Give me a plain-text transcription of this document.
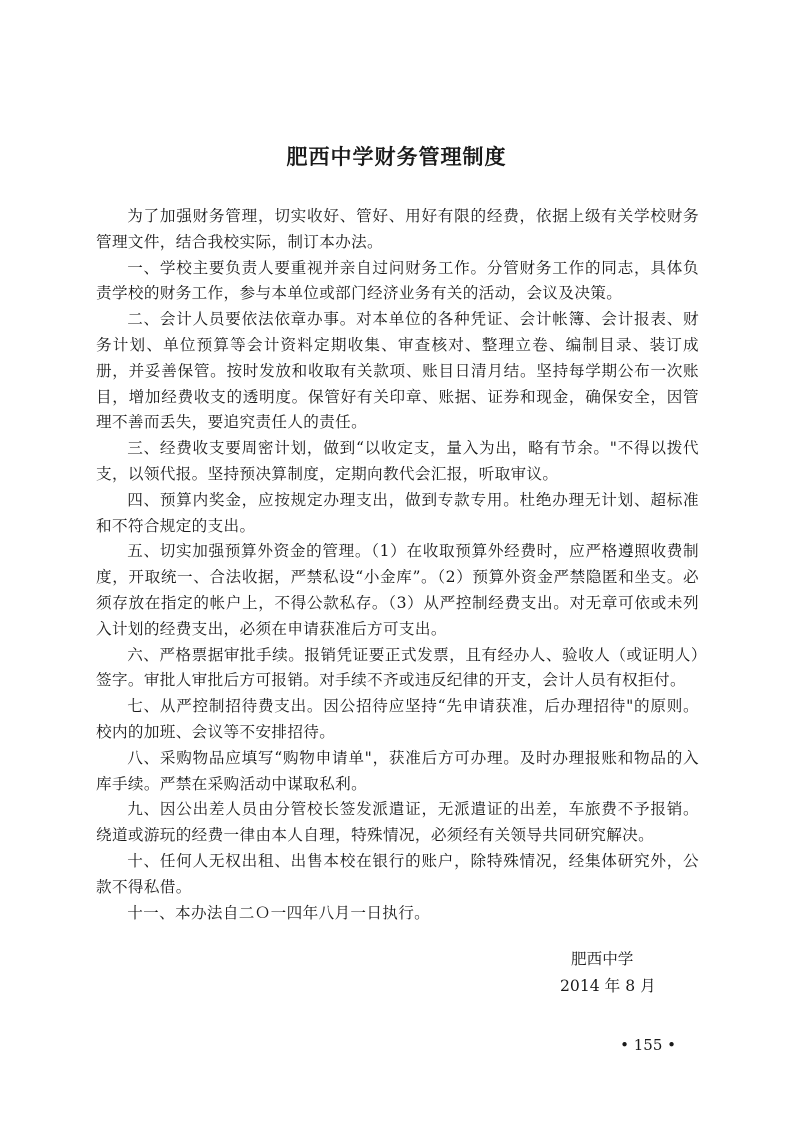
肥西中学财务管理制度

为了加强财务管理，切实收好、管好、用好有限的经费，依据上级有关学校财务管理文件，结合我校实际，制订本办法。

一、学校主要负责人要重视并亲自过问财务工作。分管财务工作的同志，具体负责学校的财务工作，参与本单位或部门经济业务有关的活动，会议及决策。

二、会计人员要依法依章办事。对本单位的各种凭证、会计帐簿、会计报表、财务计划、单位预算等会计资料定期收集、审查核对、整理立卷、编制目录、装订成册，并妥善保管。按时发放和收取有关款项、账目日清月结。坚持每学期公布一次账目，增加经费收支的透明度。保管好有关印章、账据、证券和现金，确保安全，因管理不善而丢失，要追究责任人的责任。

三、经费收支要周密计划，做到“以收定支，量入为出，略有节余。"不得以拨代支，以领代报。坚持预决算制度，定期向教代会汇报，听取审议。

四、预算内奖金，应按规定办理支出，做到专款专用。杜绝办理无计划、超标准和不符合规定的支出。

五、切实加强预算外资金的管理。（1）在收取预算外经费时，应严格遵照收费制度，开取统一、合法收据，严禁私设“小金库”。（2）预算外资金严禁隐匿和坐支。必须存放在指定的帐户上，不得公款私存。（3）从严控制经费支出。对无章可依或未列入计划的经费支出，必须在申请获准后方可支出。

六、严格票据审批手续。报销凭证要正式发票，且有经办人、验收人（或证明人）签字。审批人审批后方可报销。对手续不齐或违反纪律的开支，会计人员有权拒付。

七、从严控制招待费支出。因公招待应坚持“先申请获准，后办理招待"的原则。校内的加班、会议等不安排招待。

八、采购物品应填写“购物申请单"，获准后方可办理。及时办理报账和物品的入库手续。严禁在采购活动中谋取私利。

九、因公出差人员由分管校长签发派遣证，无派遣证的出差，车旅费不予报销。绕道或游玩的经费一律由本人自理，特殊情况，必须经有关领导共同研究解决。

十、任何人无权出租、出售本校在银行的账户，除特殊情况，经集体研究外，公款不得私借。

十一、本办法自二Ｏ一四年八月一日执行。

肥西中学
2014 年 8 月
• 155 •
